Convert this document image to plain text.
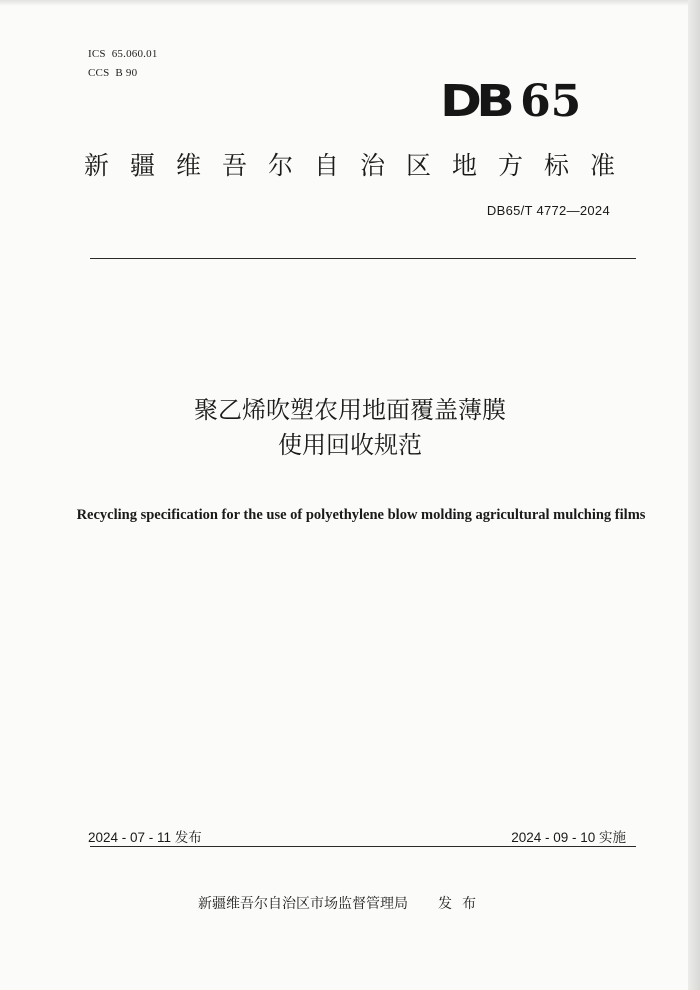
ICS 65.060.01
CCS B 90
DB 65
新疆维吾尔自治区地方标准
DB65/T 4772—2024
聚乙烯吹塑农用地面覆盖薄膜
使用回收规范
Recycling specification for the use of polyethylene blow molding agricultural mulching films
2024 - 07 - 11 发布	2024 - 09 - 10 实施
新疆维吾尔自治区市场监督管理局 发布
